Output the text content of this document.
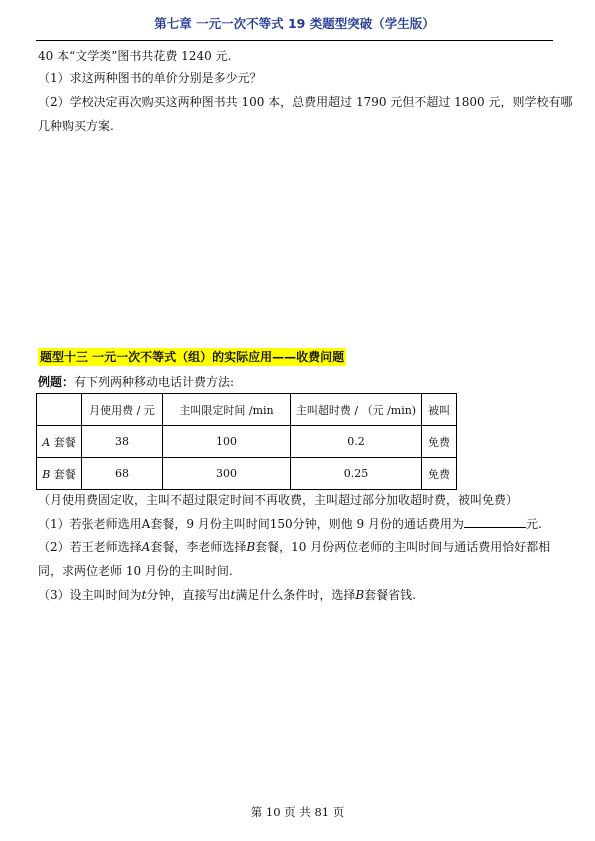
第七章 一元一次不等式 19 类题型突破（学生版）
40 本“文学类”图书共花费 1240 元.
（1）求这两种图书的单价分别是多少元？
（2）学校决定再次购买这两种图书共 100 本，总费用超过 1790 元但不超过 1800 元，则学校有哪
几种购买方案.
题型十三 一元一次不等式（组）的实际应用——收费问题
例题：有下列两种移动电话计费方法:
	月使用费 / 元	主叫限定时间 /min	主叫超时费 / （元 /min)	被叫
A 套餐	38	100	0.2	免费
B 套餐	68	300	0.25	免费
（月使用费固定收，主叫不超过限定时间不再收费，主叫超过部分加收超时费，被叫免费）
（1）若张老师选用A套餐，9 月份主叫时间150分钟，则他 9 月份的通话费用为	元.
（2）若王老师选择A套餐，李老师选择B套餐，10 月份两位老师的主叫时间与通话费用恰好都相
同，求两位老师 10 月份的主叫时间.
（3）设主叫时间为t分钟，直接写出t满足什么条件时，选择B套餐省钱.
第 10 页 共 81 页
